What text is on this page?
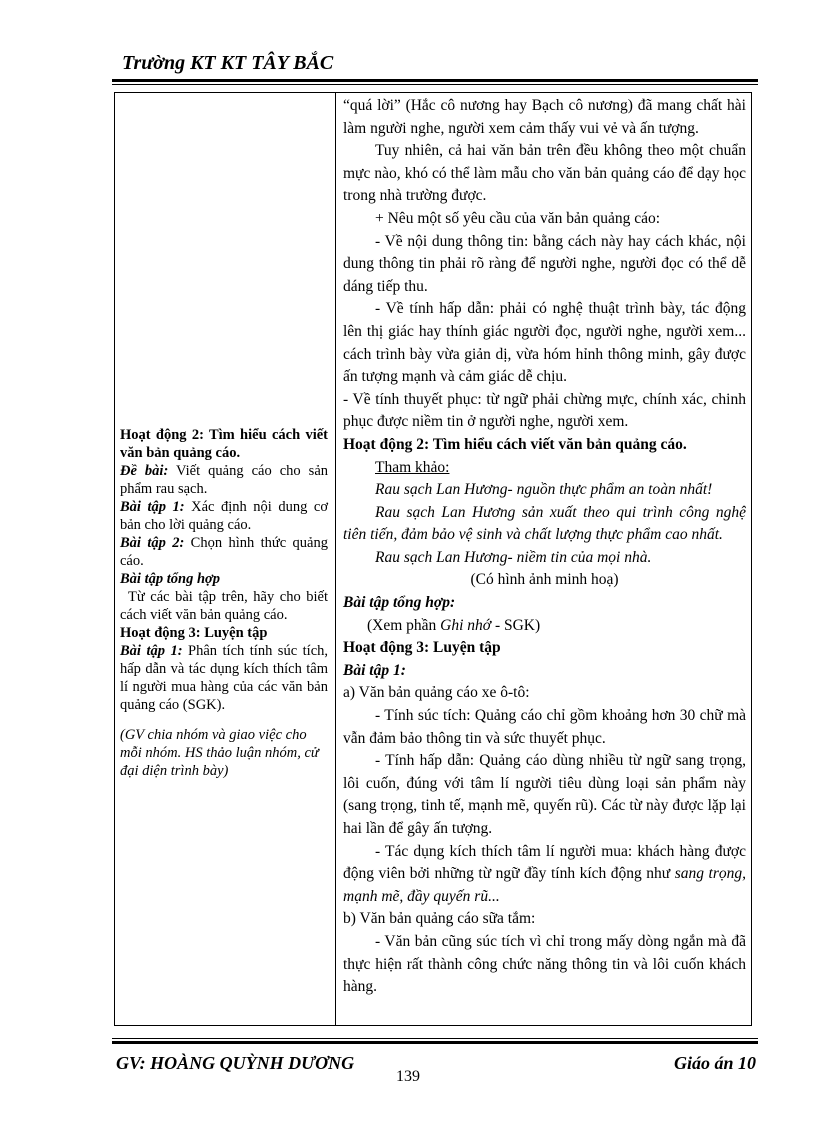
Trường KT KT TÂY BẮC

Hoạt động 2: Tìm hiểu cách viết văn bản quảng cáo.

Đề bài: Viết quảng cáo cho sản phẩm rau sạch.

Bài tập 1: Xác định nội dung cơ bản cho lời quảng cáo.

Bài tập 2: Chọn hình thức quảng cáo.

Bài tập tổng hợp

Từ các bài tập trên, hãy cho biết cách viết văn bản quảng cáo.

Hoạt động 3: Luyện tập

Bài tập 1: Phân tích tính súc tích, hấp dẫn và tác dụng kích thích tâm lí người mua hàng của các văn bản quảng cáo (SGK).

(GV chia nhóm và giao việc cho mỗi nhóm. HS thảo luận nhóm, cử đại diện trình bày)

“quá lời” (Hắc cô nương hay Bạch cô nương) đã mang chất hài làm người nghe, người xem cảm thấy vui vẻ và ấn tượng.

Tuy nhiên, cả hai văn bản trên đều không theo một chuẩn mực nào, khó có thể làm mẫu cho văn bản quảng cáo để dạy học trong nhà trường được.

+ Nêu một số yêu cầu của văn bản quảng cáo:

- Về nội dung thông tin: bằng cách này hay cách khác, nội dung thông tin phải rõ ràng để người nghe, người đọc có thể dễ dáng tiếp thu.

- Về tính hấp dẫn: phải có nghệ thuật trình bày, tác động lên thị giác hay thính giác người đọc, người nghe, người xem... cách trình bày vừa giản dị, vừa hóm hỉnh thông minh, gây được ấn tượng mạnh và cảm giác dễ chịu.

- Về tính thuyết phục: từ ngữ phải chừng mực, chính xác, chinh phục được niềm tin ở người nghe, người xem.

Hoạt động 2: Tìm hiểu cách viết văn bản quảng cáo.

Tham khảo:

Rau sạch Lan Hương- nguồn thực phẩm an toàn nhất!

Rau sạch Lan Hương sản xuất theo qui trình công nghệ tiên tiến, đảm bảo vệ sinh và chất lượng thực phẩm cao nhất.

Rau sạch Lan Hương- niềm tin của mọi nhà.

(Có hình ảnh minh hoạ)

Bài tập tổng hợp:

(Xem phần Ghi nhớ - SGK)

Hoạt động 3: Luyện tập

Bài tập 1:

a) Văn bản quảng cáo xe ô-tô:

- Tính súc tích: Quảng cáo chỉ gồm khoảng hơn 30 chữ mà vẫn đảm bảo thông tin và sức thuyết phục.

- Tính hấp dẫn: Quảng cáo dùng nhiều từ ngữ sang trọng, lôi cuốn, đúng với tâm lí người tiêu dùng loại sản phẩm này (sang trọng, tinh tế, mạnh mẽ, quyến rũ). Các từ này được lặp lại hai lần để gây ấn tượng.

- Tác dụng kích thích tâm lí người mua: khách hàng được động viên bởi những từ ngữ đầy tính kích động như sang trọng, mạnh mẽ, đầy quyến rũ...

b) Văn bản quảng cáo sữa tắm:

- Văn bản cũng súc tích vì chỉ trong mấy dòng ngắn mà đã thực hiện rất thành công chức năng thông tin và lôi cuốn khách hàng.

GV: HOÀNG QUỲNH DƯƠNG
139
Giáo án 10
